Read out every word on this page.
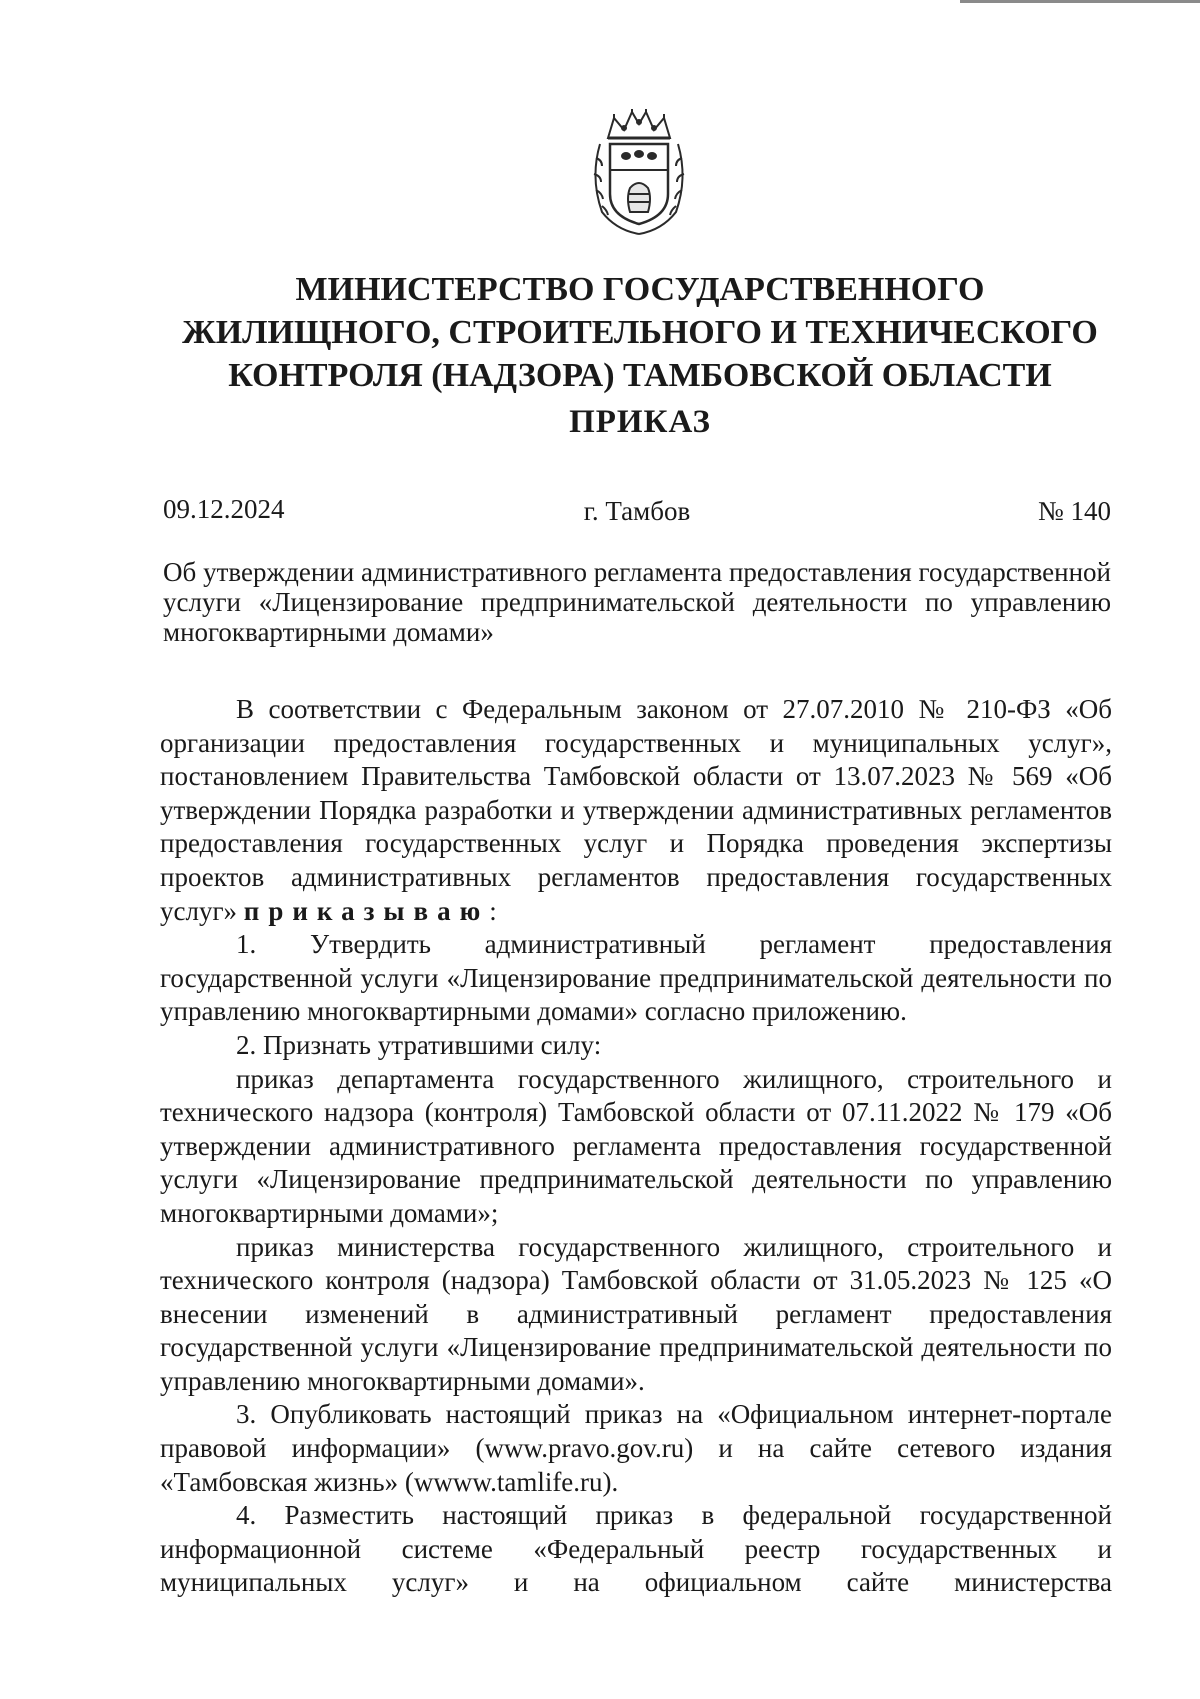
МИНИСТЕРСТВО ГОСУДАРСТВЕННОГО
ЖИЛИЩНОГО, СТРОИТЕЛЬНОГО И ТЕХНИЧЕСКОГО
КОНТРОЛЯ (НАДЗОРА) ТАМБОВСКОЙ ОБЛАСТИ
ПРИКАЗ
09.12.2024	г. Тамбов	№ 140
Об утверждении административного регламента предоставления государственной услуги «Лицензирование предпринимательской деятельности по управлению многоквартирными домами»

В соответствии с Федеральным законом от 27.07.2010 № 210-ФЗ «Об организации предоставления государственных и муниципальных услуг», постановлением Правительства Тамбовской области от 13.07.2023 № 569 «Об утверждении Порядка разработки и утверждении административных регламентов предоставления государственных услуг и Порядка проведения экспертизы проектов административных регламентов предоставления государственных услуг» приказываю:

1. Утвердить административный регламент предоставления государственной услуги «Лицензирование предпринимательской деятельности по управлению многоквартирными домами» согласно приложению.

2. Признать утратившими силу:

приказ департамента государственного жилищного, строительного и технического надзора (контроля) Тамбовской области от 07.11.2022 № 179 «Об утверждении административного регламента предоставления государственной услуги «Лицензирование предпринимательской деятельности по управлению многоквартирными домами»;

приказ министерства государственного жилищного, строительного и технического контроля (надзора) Тамбовской области от 31.05.2023 № 125 «О внесении изменений в административный регламент предоставления государственной услуги «Лицензирование предпринимательской деятельности по управлению многоквартирными домами».

3. Опубликовать настоящий приказ на «Официальном интернет-портале правовой информации» (www.pravo.gov.ru) и на сайте сетевого издания «Тамбовская жизнь» (wwww.tamlife.ru).

4. Разместить настоящий приказ в федеральной государственной информационной системе «Федеральный реестр государственных и муниципальных услуг» и на официальном сайте министерства
